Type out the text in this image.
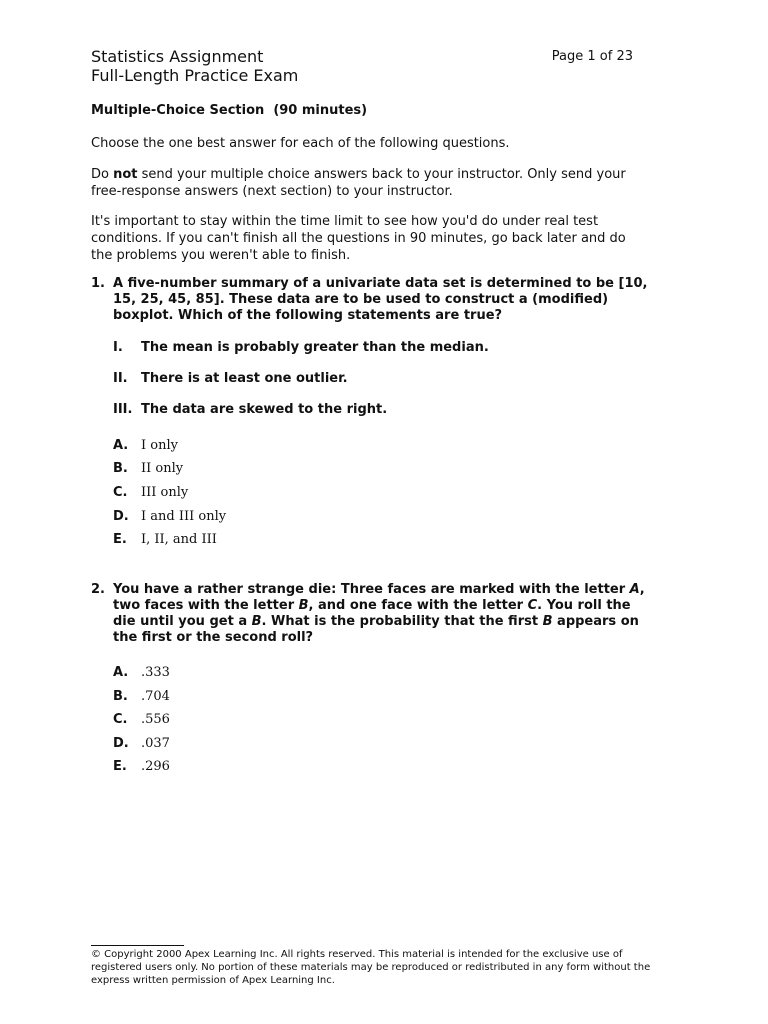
Statistics Assignment
Full-Length Practice Exam
Page 1 of 23
Multiple-Choice Section  (90 minutes)

Choose the one best answer for each of the following questions.

Do not send your multiple choice answers back to your instructor. Only send your free-response answers (next section) to your instructor.

It's important to stay within the time limit to see how you'd do under real test conditions. If you can't finish all the questions in 90 minutes, go back later and do the problems you weren't able to finish.

1. A five-number summary of a univariate data set is determined to be [10, 15, 25, 45, 85]. These data are to be used to construct a (modified) boxplot. Which of the following statements are true?
I. The mean is probably greater than the median.
II. There is at least one outlier.
III. The data are skewed to the right.
A. I only
B. II only
C. III only
D. I and III only
E. I, II, and III
2. You have a rather strange die: Three faces are marked with the letter A, two faces with the letter B, and one face with the letter C. You roll the die until you get a B. What is the probability that the first B appears on the first or the second roll?
A. .333
B. .704
C. .556
D. .037
E. .296
© Copyright 2000 Apex Learning Inc. All rights reserved. This material is intended for the exclusive use of registered users only. No portion of these materials may be reproduced or redistributed in any form without the express written permission of Apex Learning Inc.
